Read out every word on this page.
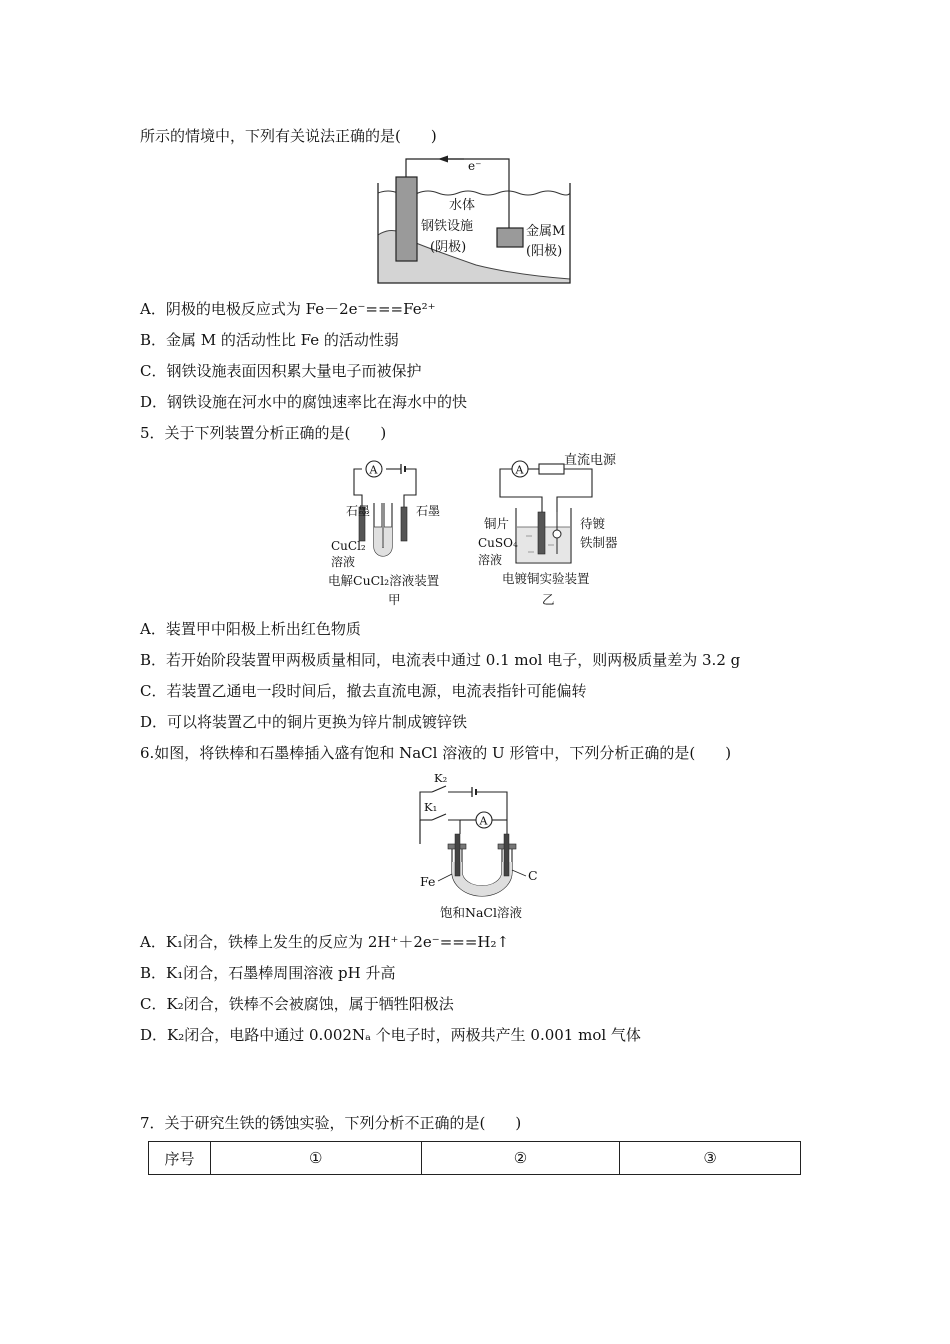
所示的情境中，下列有关说法正确的是(　　)
e⁻
水体
钢铁设施
(阴极)
金属M
(阳极)
A．阴极的电极反应式为 Fe－2e⁻===Fe²⁺
B．金属 M 的活动性比 Fe 的活动性弱
C．钢铁设施表面因积累大量电子而被保护
D．钢铁设施在河水中的腐蚀速率比在海水中的快
5．关于下列装置分析正确的是(　　)
A
石墨	石墨
CuCl₂
溶液
电解CuCl₂溶液装置
甲
A
直流电源
铜片
CuSO₄
溶液
待镀
铁制器
电镀铜实验装置
乙
A．装置甲中阳极上析出红色物质
B．若开始阶段装置甲两极质量相同，电流表中通过 0.1 mol 电子，则两极质量差为 3.2 g
C．若装置乙通电一段时间后，撤去直流电源，电流表指针可能偏转
D．可以将装置乙中的铜片更换为锌片制成镀锌铁
6.如图，将铁棒和石墨棒插入盛有饱和 NaCl 溶液的 U 形管中，下列分析正确的是(　　)
K₂
K₁
A
Fe	C
饱和NaCl溶液
A．K₁闭合，铁棒上发生的反应为 2H⁺＋2e⁻===H₂↑
B．K₁闭合，石墨棒周围溶液 pH 升高
C．K₂闭合，铁棒不会被腐蚀，属于牺牲阳极法
D．K₂闭合，电路中通过 0.002Nₐ 个电子时，两极共产生 0.001 mol 气体
7．关于研究生铁的锈蚀实验，下列分析不正确的是(　　)
序号	①	②	③
